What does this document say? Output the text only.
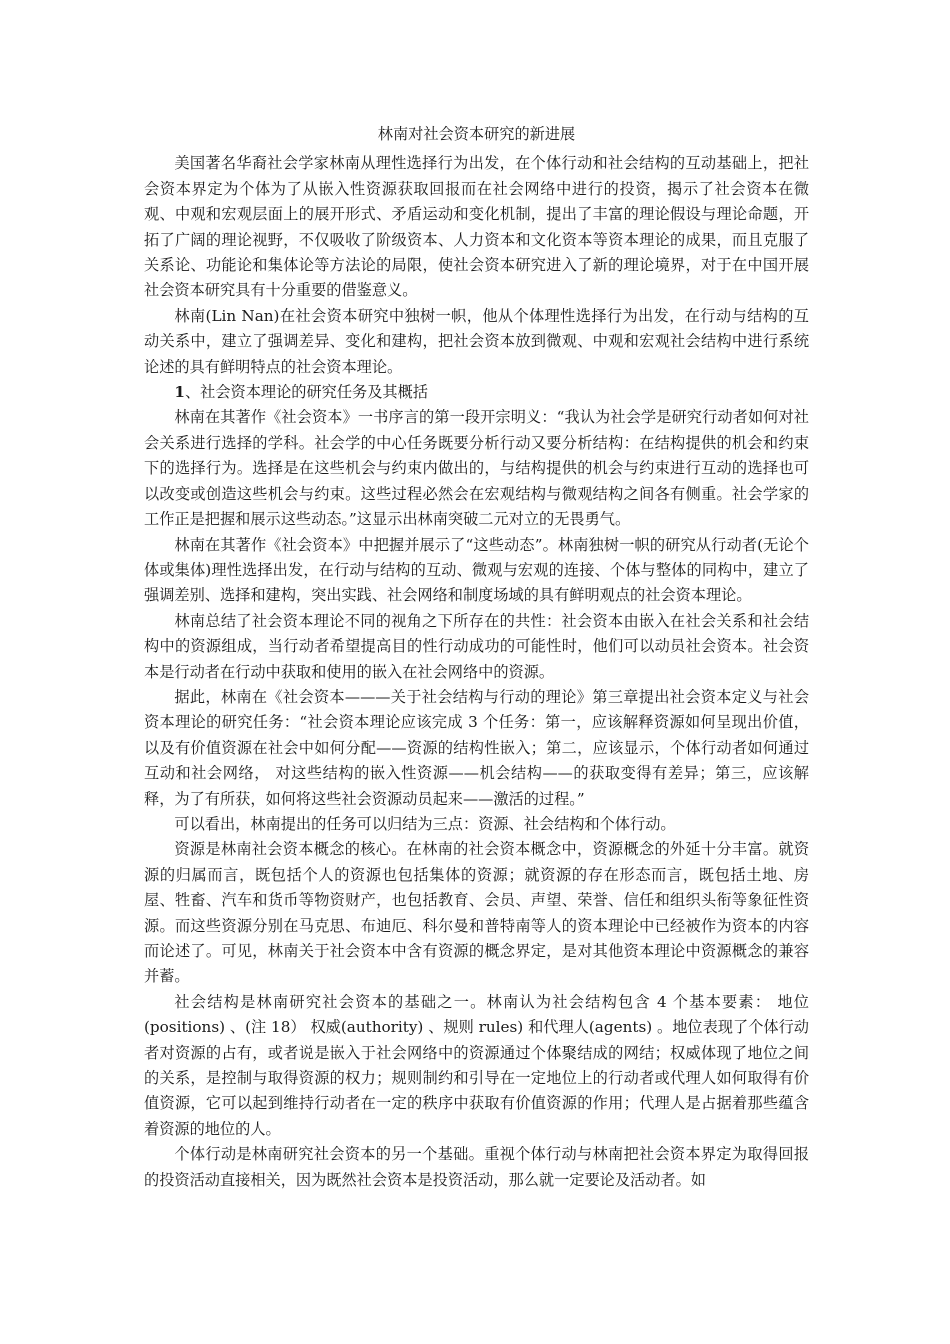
林南对社会资本研究的新进展

美国著名华裔社会学家林南从理性选择行为出发，在个体行动和社会结构的互动基础上，把社会资本界定为个体为了从嵌入性资源获取回报而在社会网络中进行的投资，揭示了社会资本在微观、中观和宏观层面上的展开形式、矛盾运动和变化机制，提出了丰富的理论假设与理论命题，开拓了广阔的理论视野，不仅吸收了阶级资本、人力资本和文化资本等资本理论的成果，而且克服了关系论、功能论和集体论等方法论的局限，使社会资本研究进入了新的理论境界，对于在中国开展社会资本研究具有十分重要的借鉴意义。

林南(Lin Nan)在社会资本研究中独树一帜，他从个体理性选择行为出发，在行动与结构的互动关系中，建立了强调差异、变化和建构，把社会资本放到微观、中观和宏观社会结构中进行系统论述的具有鲜明特点的社会资本理论。

1、社会资本理论的研究任务及其概括

林南在其著作《社会资本》一书序言的第一段开宗明义：“我认为社会学是研究行动者如何对社会关系进行选择的学科。社会学的中心任务既要分析行动又要分析结构：在结构提供的机会和约束下的选择行为。选择是在这些机会与约束内做出的，与结构提供的机会与约束进行互动的选择也可以改变或创造这些机会与约束。这些过程必然会在宏观结构与微观结构之间各有侧重。社会学家的工作正是把握和展示这些动态。”这显示出林南突破二元对立的无畏勇气。

林南在其著作《社会资本》中把握并展示了“这些动态”。林南独树一帜的研究从行动者(无论个体或集体)理性选择出发，在行动与结构的互动、微观与宏观的连接、个体与整体的同构中，建立了强调差别、选择和建构，突出实践、社会网络和制度场域的具有鲜明观点的社会资本理论。

林南总结了社会资本理论不同的视角之下所存在的共性：社会资本由嵌入在社会关系和社会结构中的资源组成，当行动者希望提高目的性行动成功的可能性时，他们可以动员社会资本。社会资本是行动者在行动中获取和使用的嵌入在社会网络中的资源。

据此，林南在《社会资本———关于社会结构与行动的理论》第三章提出社会资本定义与社会资本理论的研究任务：“社会资本理论应该完成 3 个任务：第一，应该解释资源如何呈现出价值， 以及有价值资源在社会中如何分配——资源的结构性嵌入；第二，应该显示，个体行动者如何通过互动和社会网络， 对这些结构的嵌入性资源——机会结构——的获取变得有差异；第三，应该解释，为了有所获，如何将这些社会资源动员起来——激活的过程。”

可以看出，林南提出的任务可以归结为三点：资源、社会结构和个体行动。

资源是林南社会资本概念的核心。在林南的社会资本概念中，资源概念的外延十分丰富。就资源的归属而言，既包括个人的资源也包括集体的资源；就资源的存在形态而言，既包括土地、房屋、牲畜、汽车和货币等物资财产，也包括教育、会员、声望、荣誉、信任和组织头衔等象征性资源。而这些资源分别在马克思、布迪厄、科尔曼和普特南等人的资本理论中已经被作为资本的内容而论述了。可见，林南关于社会资本中含有资源的概念界定，是对其他资本理论中资源概念的兼容并蓄。

社会结构是林南研究社会资本的基础之一。林南认为社会结构包含 4 个基本要素： 地位(positions) 、(注 18） 权威(authority) 、规则 rules) 和代理人(agents) 。地位表现了个体行动者对资源的占有，或者说是嵌入于社会网络中的资源通过个体聚结成的网结；权威体现了地位之间的关系，是控制与取得资源的权力；规则制约和引导在一定地位上的行动者或代理人如何取得有价值资源，它可以起到维持行动者在一定的秩序中获取有价值资源的作用；代理人是占据着那些蕴含着资源的地位的人。

个体行动是林南研究社会资本的另一个基础。重视个体行动与林南把社会资本界定为取得回报的投资活动直接相关，因为既然社会资本是投资活动，那么就一定要论及活动者。如
